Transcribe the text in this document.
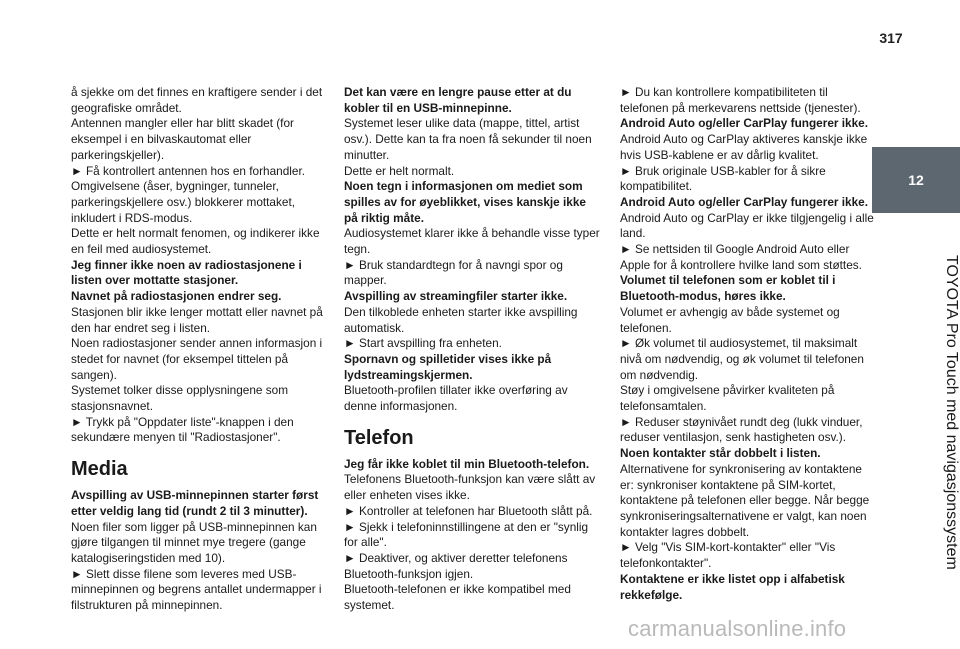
317
12
TOYOTA Pro Touch med navigasjonssystem

å sjekke om det finnes en kraftigere sender i det geografiske området.

Antennen mangler eller har blitt skadet (for eksempel i en bilvaskautomat eller parkeringskjeller).

► Få kontrollert antennen hos en forhandler.

Omgivelsene (åser, bygninger, tunneler, parkeringskjellere osv.) blokkerer mottaket, inkludert i RDS-modus.

Dette er helt normalt fenomen, og indikerer ikke en feil med audiosystemet.

Jeg finner ikke noen av radiostasjonene i listen over mottatte stasjoner.

Navnet på radiostasjonen endrer seg.

Stasjonen blir ikke lenger mottatt eller navnet på den har endret seg i listen.

Noen radiostasjoner sender annen informasjon i stedet for navnet (for eksempel tittelen på sangen).

Systemet tolker disse opplysningene som stasjonsnavnet.

► Trykk på "Oppdater liste"-knappen i den sekundære menyen til "Radiostasjoner".

Media

Avspilling av USB-minnepinnen starter først etter veldig lang tid (rundt 2 til 3 minutter).

Noen filer som ligger på USB-minnepinnen kan gjøre tilgangen til minnet mye tregere (gange katalogiseringstiden med 10).

► Slett disse filene som leveres med USB-minnepinnen og begrens antallet undermapper i filstrukturen på minnepinnen.

Det kan være en lengre pause etter at du kobler til en USB-minnepinne.

Systemet leser ulike data (mappe, tittel, artist osv.). Dette kan ta fra noen få sekunder til noen minutter.

Dette er helt normalt.

Noen tegn i informasjonen om mediet som spilles av for øyeblikket, vises kanskje ikke på riktig måte.

Audiosystemet klarer ikke å behandle visse typer tegn.

► Bruk standardtegn for å navngi spor og mapper.

Avspilling av streamingfiler starter ikke.

Den tilkoblede enheten starter ikke avspilling automatisk.

► Start avspilling fra enheten.

Spornavn og spilletider vises ikke på lydstreamingskjermen.

Bluetooth-profilen tillater ikke overføring av denne informasjonen.

Telefon

Jeg får ikke koblet til min Bluetooth-telefon.

Telefonens Bluetooth-funksjon kan være slått av eller enheten vises ikke.

► Kontroller at telefonen har Bluetooth slått på.

► Sjekk i telefoninnstillingene at den er "synlig for alle".

► Deaktiver, og aktiver deretter telefonens Bluetooth-funksjon igjen.

Bluetooth-telefonen er ikke kompatibel med systemet.

► Du kan kontrollere kompatibiliteten til telefonen på merkevarens nettside (tjenester).

Android Auto og/eller CarPlay fungerer ikke.

Android Auto og CarPlay aktiveres kanskje ikke hvis USB-kablene er av dårlig kvalitet.

► Bruk originale USB-kabler for å sikre kompatibilitet.

Android Auto og/eller CarPlay fungerer ikke.

Android Auto og CarPlay er ikke tilgjengelig i alle land.

► Se nettsiden til Google Android Auto eller Apple for å kontrollere hvilke land som støttes.

Volumet til telefonen som er koblet til i Bluetooth-modus, høres ikke.

Volumet er avhengig av både systemet og telefonen.

► Øk volumet til audiosystemet, til maksimalt nivå om nødvendig, og øk volumet til telefonen om nødvendig.

Støy i omgivelsene påvirker kvaliteten på telefonsamtalen.

► Reduser støynivået rundt deg (lukk vinduer, reduser ventilasjon, senk hastigheten osv.).

Noen kontakter står dobbelt i listen.

Alternativene for synkronisering av kontaktene er: synkroniser kontaktene på SIM-kortet, kontaktene på telefonen eller begge. Når begge synkroniseringsalternativene er valgt, kan noen kontakter lagres dobbelt.

► Velg "Vis SIM-kort-kontakter" eller "Vis telefonkontakter".

Kontaktene er ikke listet opp i alfabetisk rekkefølge.

carmanualsonline.info
